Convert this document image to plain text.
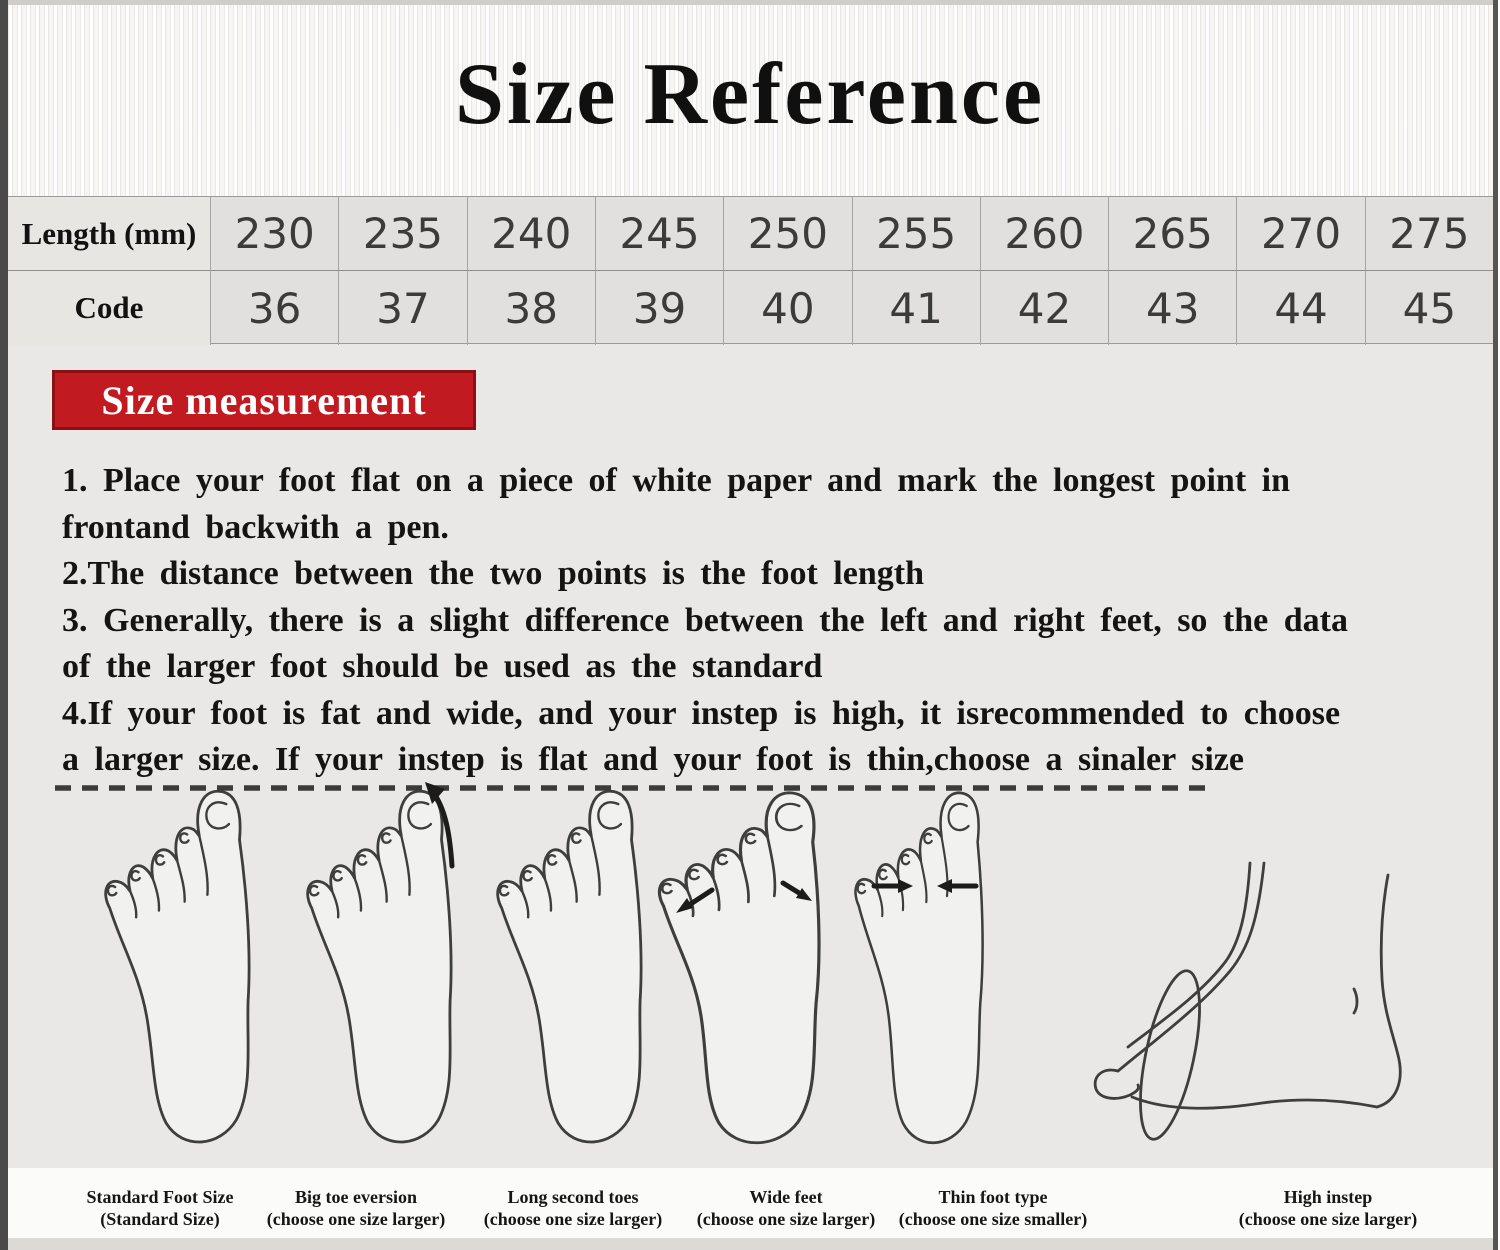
Size Reference
Length (mm) 230	235	240	245	250	255	260	265	270	275
Code	36	37	38	39	40	41	42	43	44	45
Size measurement
1. Place your foot flat on a piece of white paper and mark the longest point in
frontand backwith a pen.
2.The distance between the two points is the foot length
3. Generally, there is a slight difference between the left and right feet, so the data
of the larger foot should be used as the standard
4.If your foot is fat and wide, and your instep is high, it isrecommended to choose
a larger size. If your instep is flat and your foot is thin,choose a sinaler size
Standard Foot Size
(Standard Size)
Big toe eversion
(choose one size larger)
Long second toes
(choose one size larger)
Wide feet
(choose one size larger)
Thin foot type
(choose one size smaller)
High instep
(choose one size larger)
